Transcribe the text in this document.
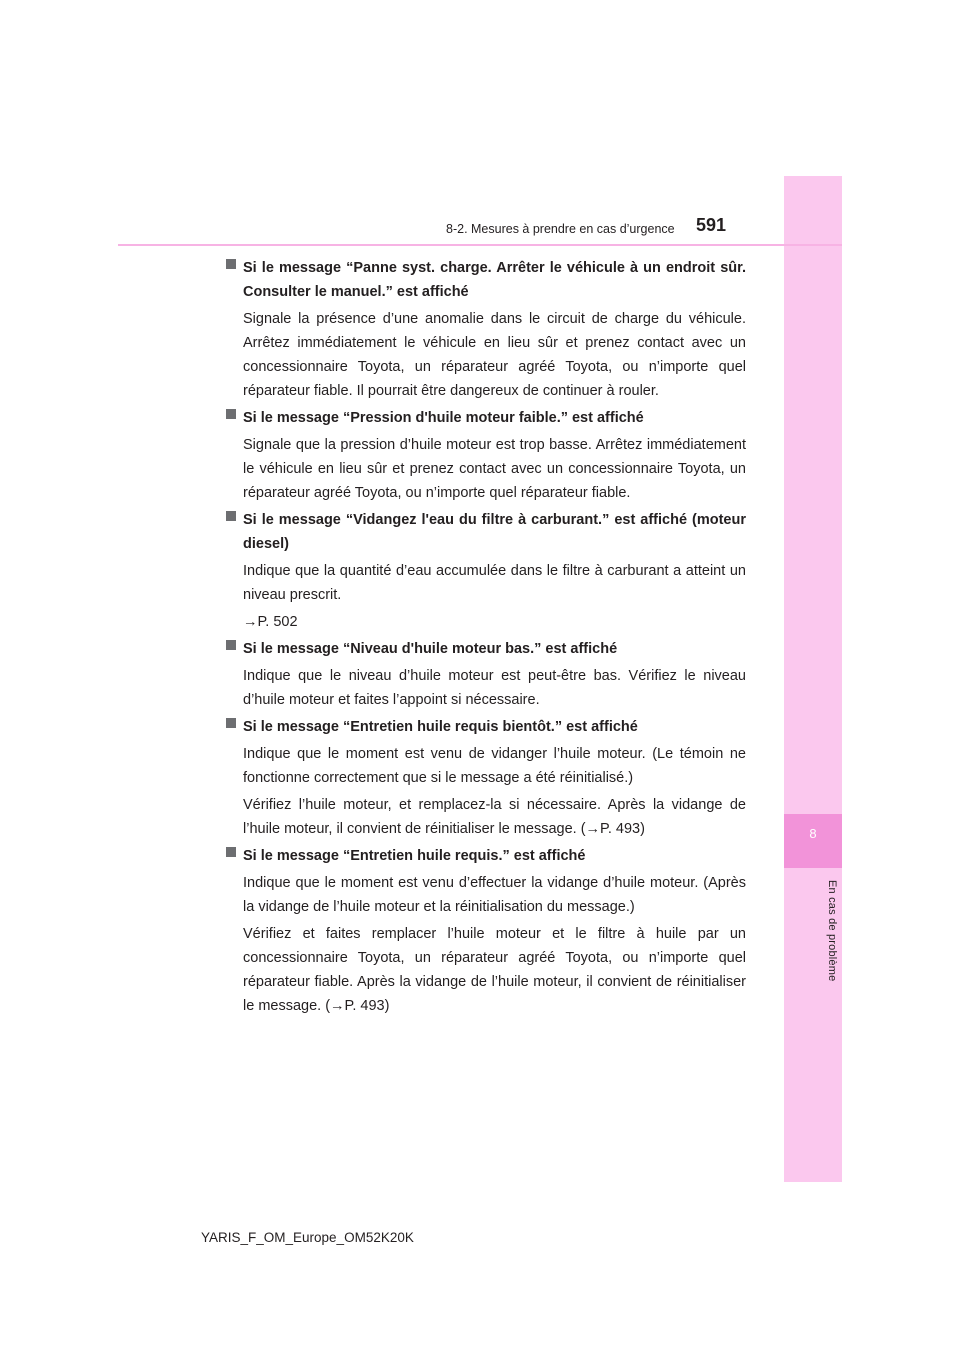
8
En cas de problème
8-2. Mesures à prendre en cas d’urgence 591

Si le message “Panne syst. charge. Arrêter le véhicule à un endroit sûr. Consulter le manuel.” est affiché

Signale la présence d’une anomalie dans le circuit de charge du véhicule. Arrêtez immédiatement le véhicule en lieu sûr et prenez contact avec un concessionnaire Toyota, un réparateur agréé Toyota, ou n’importe quel réparateur fiable. Il pourrait être dangereux de continuer à rouler.

Si le message “Pression d'huile moteur faible.” est affiché

Signale que la pression d’huile moteur est trop basse. Arrêtez immédiatement le véhicule en lieu sûr et prenez contact avec un concessionnaire Toyota, un réparateur agréé Toyota, ou n’importe quel réparateur fiable.

Si le message “Vidangez l'eau du filtre à carburant.” est affiché (moteur diesel)

Indique que la quantité d’eau accumulée dans le filtre à carburant a atteint un niveau prescrit.

→P. 502

Si le message “Niveau d'huile moteur bas.” est affiché

Indique que le niveau d’huile moteur est peut-être bas. Vérifiez le niveau d’huile moteur et faites l’appoint si nécessaire.

Si le message “Entretien huile requis bientôt.” est affiché

Indique que le moment est venu de vidanger l’huile moteur. (Le témoin ne fonctionne correctement que si le message a été réinitialisé.)

Vérifiez l’huile moteur, et remplacez-la si nécessaire. Après la vidange de l’huile moteur, il convient de réinitialiser le message. (→P. 493)

Si le message “Entretien huile requis.” est affiché

Indique que le moment est venu d’effectuer la vidange d’huile moteur. (Après la vidange de l’huile moteur et la réinitialisation du message.)

Vérifiez et faites remplacer l’huile moteur et le filtre à huile par un concessionnaire Toyota, un réparateur agréé Toyota, ou n’importe quel réparateur fiable. Après la vidange de l’huile moteur, il convient de réinitialiser le message. (→P. 493)

YARIS_F_OM_Europe_OM52K20K
